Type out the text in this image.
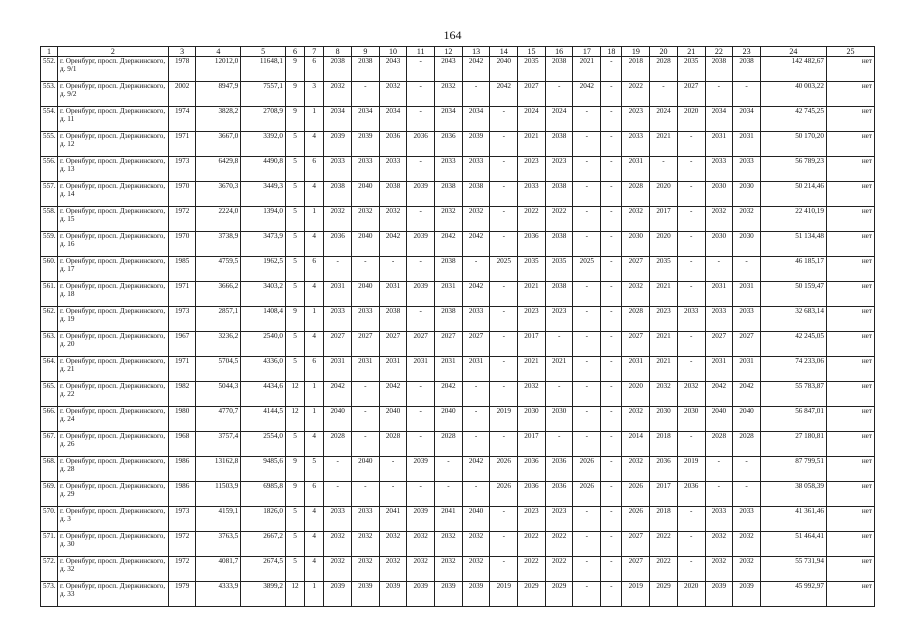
164
1	2	3	4	5	6	7	8	9	10	11	12	13	14	15	16	17	18	19	20	21	22	23	24	25
552.	г. Оренбург, просп. Дзержинского, д. 9/1	1978	12012,0	11648,1	9	6	2038	2038	2043	-	2043	2042	2040	2035	2038	2021	-	2018	2028	2035	2038	2038	142 482,67	нет
553.	г. Оренбург, просп. Дзержинского, д. 9/2	2002	8947,9	7557,1	9	3	2032	-	2032	-	2032	-	2042	2027	-	2042	-	2022	-	2027	-	-	40 003,22	нет
554.	г. Оренбург, просп. Дзержинского, д. 11	1974	3828,2	2708,9	9	1	2034	2034	2034	-	2034	2034	-	2024	2024	-	-	2023	2024	2020	2034	2034	42 745,25	нет
555.	г. Оренбург, просп. Дзержинского, д. 12	1971	3667,0	3392,0	5	4	2039	2039	2036	2036	2036	2039	-	2021	2038	-	-	2033	2021	-	2031	2031	50 170,20	нет
556.	г. Оренбург, просп. Дзержинского, д. 13	1973	6429,8	4490,8	5	6	2033	2033	2033	-	2033	2033	-	2023	2023	-	-	2031	-	-	2033	2033	56 789,23	нет
557.	г. Оренбург, просп. Дзержинского, д. 14	1970	3670,3	3449,3	5	4	2038	2040	2038	2039	2038	2038	-	2033	2038	-	-	2028	2020	-	2030	2030	50 214,46	нет
558.	г. Оренбург, просп. Дзержинского, д. 15	1972	2224,0	1394,0	5	1	2032	2032	2032	-	2032	2032	-	2022	2022	-	-	2032	2017	-	2032	2032	22 410,19	нет
559.	г. Оренбург, просп. Дзержинского, д. 16	1970	3738,9	3473,9	5	4	2036	2040	2042	2039	2042	2042	-	2036	2038	-	-	2030	2020	-	2030	2030	51 134,48	нет
560.	г. Оренбург, просп. Дзержинского, д. 17	1985	4759,5	1962,5	5	6	-	-	-	-	2038	-	2025	2035	2035	2025	-	2027	2035	-	-	-	46 185,17	нет
561.	г. Оренбург, просп. Дзержинского, д. 18	1971	3666,2	3403,2	5	4	2031	2040	2031	2039	2031	2042	-	2021	2038	-	-	2032	2021	-	2031	2031	50 159,47	нет
562.	г. Оренбург, просп. Дзержинского, д. 19	1973	2857,1	1408,4	9	1	2033	2033	2038	-	2038	2033	-	2023	2023	-	-	2028	2023	2033	2033	2033	32 683,14	нет
563.	г. Оренбург, просп. Дзержинского, д. 20	1967	3236,2	2540,0	5	4	2027	2027	2027	2027	2027	2027	-	2017	-	-	-	2027	2021	-	2027	2027	42 245,05	нет
564.	г. Оренбург, просп. Дзержинского, д. 21	1971	5704,5	4336,0	5	6	2031	2031	2031	2031	2031	2031	-	2021	2021	-	-	2031	2021	-	2031	2031	74 233,06	нет
565.	г. Оренбург, просп. Дзержинского, д. 22	1982	5044,3	4434,6	12	1	2042	-	2042	-	2042	-	-	2032	-	-	-	2020	2032	2032	2042	2042	55 783,87	нет
566.	г. Оренбург, просп. Дзержинского, д. 24	1980	4770,7	4144,5	12	1	2040	-	2040	-	2040	-	2019	2030	2030	-	-	2032	2030	2030	2040	2040	56 847,01	нет
567.	г. Оренбург, просп. Дзержинского, д. 26	1968	3757,4	2554,0	5	4	2028	-	2028	-	2028	-	-	2017	-	-	-	2014	2018	-	2028	2028	27 180,81	нет
568.	г. Оренбург, просп. Дзержинского, д. 28	1986	13162,8	9485,6	9	5	-	2040	-	2039	-	2042	2026	2036	2036	2026	-	2032	2036	2019	-	-	87 799,51	нет
569.	г. Оренбург, просп. Дзержинского, д. 29	1986	11503,9	6985,8	9	6	-	-	-	-	-	-	2026	2036	2036	2026	-	2026	2017	2036	-	-	38 058,39	нет
570.	г. Оренбург, просп. Дзержинского, д. 3	1973	4159,1	1826,0	5	4	2033	2033	2041	2039	2041	2040	-	2023	2023	-	-	2026	2018	-	2033	2033	41 361,46	нет
571.	г. Оренбург, просп. Дзержинского, д. 30	1972	3763,5	2667,2	5	4	2032	2032	2032	2032	2032	2032	-	2022	2022	-	-	2027	2022	-	2032	2032	51 464,41	нет
572.	г. Оренбург, просп. Дзержинского, д. 32	1972	4081,7	2674,5	5	4	2032	2032	2032	2032	2032	2032	-	2022	2022	-	-	2027	2022	-	2032	2032	55 731,94	нет
573.	г. Оренбург, просп. Дзержинского, д. 33	1979	4333,9	3899,2	12	1	2039	2039	2039	2039	2039	2039	2019	2029	2029	-	-	2019	2029	2020	2039	2039	45 992,97	нет
